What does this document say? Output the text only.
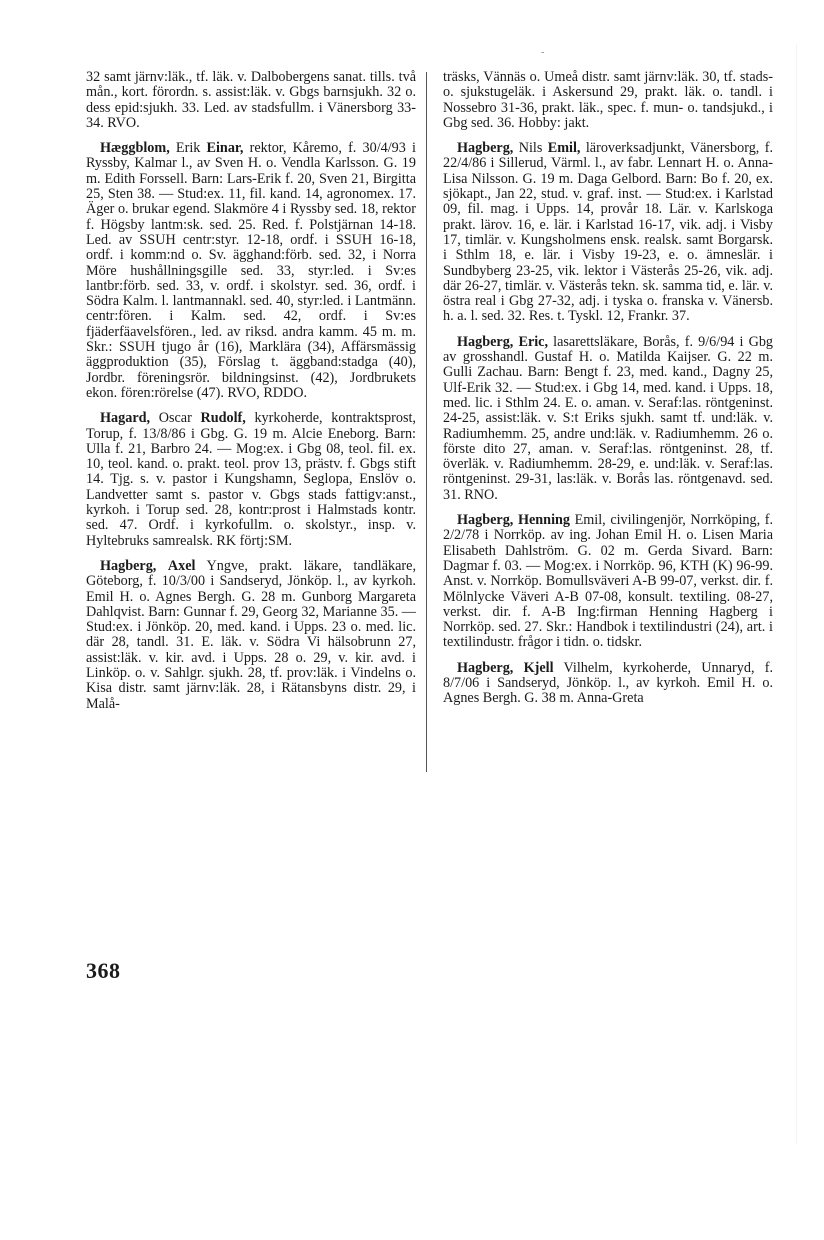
-

32 samt järnv:läk., tf. läk. v. Dalbobergens sanat. tills. två mån., kort. förordn. s. assist:läk. v. Gbgs barnsjukh. 32 o. dess epid:sjukh. 33. Led. av stadsfullm. i Vänersborg 33-34. RVO.

Hæggblom, Erik Einar, rektor, Kåremo, f. 30/4/93 i Ryssby, Kalmar l., av Sven H. o. Vendla Karlsson. G. 19 m. Edith Forssell. Barn: Lars-Erik f. 20, Sven 21, Birgitta 25, Sten 38. — Stud:ex. 11, fil. kand. 14, agronomex. 17. Äger o. brukar egend. Slakmöre 4 i Ryssby sed. 18, rektor f. Högsby lantm:sk. sed. 25. Red. f. Polstjärnan 14-18. Led. av SSUH centr:styr. 12-18, ordf. i SSUH 16-18, ordf. i komm:nd o. Sv. ägghand:förb. sed. 32, i Norra Möre hushållningsgille sed. 33, styr:led. i Sv:es lantbr:förb. sed. 33, v. ordf. i skolstyr. sed. 36, ordf. i Södra Kalm. l. lantmannakl. sed. 40, styr:led. i Lantmänn. centr:fören. i Kalm. sed. 42, ordf. i Sv:es fjäderfäavelsfören., led. av riksd. andra kamm. 45 m. m. Skr.: SSUH tjugo år (16), Marklära (34), Affärsmässig äggproduktion (35), Förslag t. äggband:stadga (40), Jordbr. föreningsrör. bildningsinst. (42), Jordbrukets ekon. fören:rörelse (47). RVO, RDDO.

Hagard, Oscar Rudolf, kyrkoherde, kontraktsprost, Torup, f. 13/8/86 i Gbg. G. 19 m. Alcie Eneborg. Barn: Ulla f. 21, Barbro 24. — Mog:ex. i Gbg 08, teol. fil. ex. 10, teol. kand. o. prakt. teol. prov 13, prästv. f. Gbgs stift 14. Tjg. s. v. pastor i Kungshamn, Segloра, Enslöv o. Landvetter samt s. pastor v. Gbgs stads fattigv:anst., kyrkoh. i Torup sed. 28, kontr:prost i Halmstads kontr. sed. 47. Ordf. i kyrkofullm. o. skolstyr., insp. v. Hyltebruks samrealsk. RK förtj:SM.

Hagberg, Axel Yngve, prakt. läkare, tandläkare, Göteborg, f. 10/3/00 i Sandseryd, Jönköp. l., av kyrkoh. Emil H. o. Agnes Bergh. G. 28 m. Gunborg Margareta Dahlqvist. Barn: Gunnar f. 29, Georg 32, Marianne 35. — Stud:ex. i Jönköp. 20, med. kand. i Upps. 23 o. med. lic. där 28, tandl. 31. E. läk. v. Södra Vi hälsobrunn 27, assist:läk. v. kir. avd. i Upps. 28 o. 29, v. kir. avd. i Linköp. o. v. Sahlgr. sjukh. 28, tf. prov:läk. i Vindelns o. Kisa distr. samt järnv:läk. 28, i Rätansbyns distr. 29, i Malå-

träsks, Vännäs o. Umeå distr. samt järnv:läk. 30, tf. stads- o. sjukstugeläk. i Askersund 29, prakt. läk. o. tandl. i Nossebro 31-36, prakt. läk., spec. f. mun- o. tandsjukd., i Gbg sed. 36. Hobby: jakt.

Hagberg, Nils Emil, läroverksadjunkt, Vänersborg, f. 22/4/86 i Sillerud, Värml. l., av fabr. Lennart H. o. Anna-Lisa Nilsson. G. 19 m. Daga Gelbord. Barn: Bo f. 20, ex. sjökapt., Jan 22, stud. v. graf. inst. — Stud:ex. i Karlstad 09, fil. mag. i Upps. 14, provår 18. Lär. v. Karlskoga prakt. lärov. 16, e. lär. i Karlstad 16-17, vik. adj. i Visby 17, timlär. v. Kungsholmens ensk. realsk. samt Borgarsk. i Sthlm 18, e. lär. i Visby 19-23, e. o. ämneslär. i Sundbyberg 23-25, vik. lektor i Västerås 25-26, vik. adj. där 26-27, timlär. v. Västerås tekn. sk. samma tid, e. lär. v. östra real i Gbg 27-32, adj. i tyska o. franska v. Vänersb. h. a. l. sed. 32. Res. t. Tyskl. 12, Frankr. 37.

Hagberg, Eric, lasarettsläkare, Borås, f. 9/6/94 i Gbg av grosshandl. Gustaf H. o. Matilda Kaijser. G. 22 m. Gulli Zachau. Barn: Bengt f. 23, med. kand., Dagny 25, Ulf-Erik 32. — Stud:ex. i Gbg 14, med. kand. i Upps. 18, med. lic. i Sthlm 24. E. o. aman. v. Seraf:las. röntgeninst. 24-25, assist:läk. v. S:t Eriks sjukh. samt tf. und:läk. v. Radiumhemm. 25, andre und:läk. v. Radiumhemm. 26 o. förste dito 27, aman. v. Seraf:las. röntgeninst. 28, tf. överläk. v. Radiumhemm. 28-29, e. und:läk. v. Seraf:las. röntgeninst. 29-31, las:läk. v. Borås las. röntgenavd. sed. 31. RNO.

Hagberg, Henning Emil, civilingenjör, Norrköping, f. 2/2/78 i Norrköp. av ing. Johan Emil H. o. Lisen Maria Elisabeth Dahlström. G. 02 m. Gerda Sivard. Barn: Dagmar f. 03. — Mog:ex. i Norrköp. 96, KTH (K) 96-99. Anst. v. Norrköp. Bomullsväveri A-B 99-07, verkst. dir. f. Mölnlycke Väveri A-B 07-08, konsult. textiling. 08-27, verkst. dir. f. A-B Ing:firman Henning Hagberg i Norrköp. sed. 27. Skr.: Handbok i textilindustri (24), art. i textilindustr. frågor i tidn. o. tidskr.

Hagberg, Kjell Vilhelm, kyrkoherde, Unnaryd, f. 8/7/06 i Sandseryd, Jönköp. l., av kyrkoh. Emil H. o. Agnes Bergh. G. 38 m. Anna-Greta

368
